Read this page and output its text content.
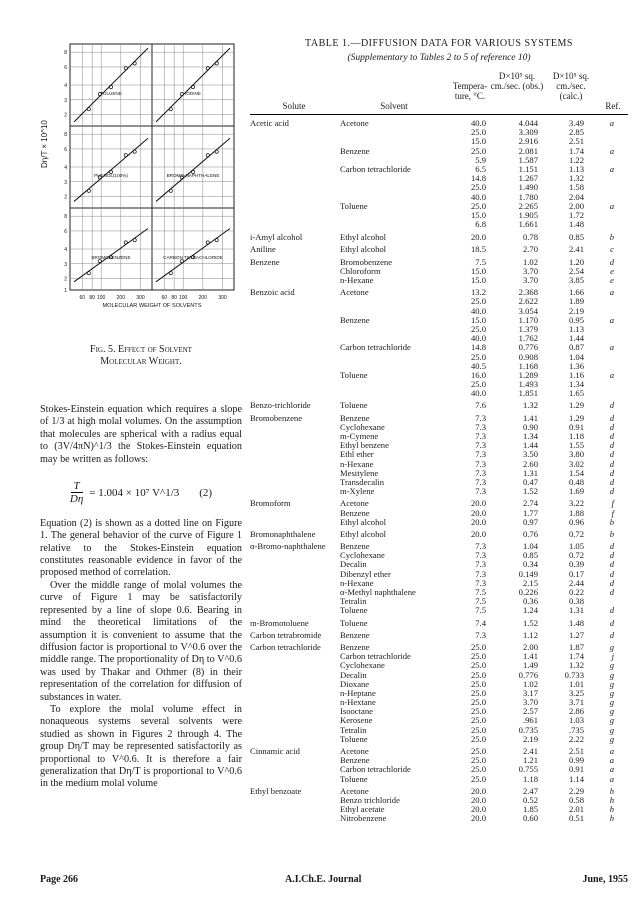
Dη/T × 10^10
TOLUENE	IODINE
PHENOL(100%)	BROMO-NAPHTHALENE
BROMOBENZENE	CARBON TETRACHLORIDE
8
6
4
3
2
8
6
4
3
2
8
6
4
3
2
1
60 80 100 200 300	60 80 100 200 300
MOLECULAR WEIGHT OF SOLVENTS
Fig. 5. Effect of Solvent
Molecular Weight.

Stokes-Einstein equation which requires a slope of 1/3 at high molal volumes. On the assumption that molecules are spherical with a radius equal to (3V/4πN)^1/3 the Stokes-Einstein equation may be written as follows:

$\frac{T}{D\eta} = 1.004 \times 10^7$ V^1/3 (2)

Equation (2) is shown as a dotted line on Figure 1. The general behavior of the curve of Figure 1 relative to the Stokes-Einstein equation constitutes reasonable evidence in favor of the proposed method of correlation.

Over the middle range of molal volumes the curve of Figure 1 may be satisfactorily represented by a line of slope 0.6. Bearing in mind the theoretical limitations of the assumption it is convenient to assume that the diffusion factor is proportional to V^0.6 over the middle range. The proportionality of Dη to V^0.6 was used by Thakar and Othmer (8) in their representation of the correlation for diffusion of substances in water.

To explore the molal volume effect in nonaqueous systems several solvents were studied as shown in Figures 2 through 4. The group Dη/T may be represented satisfactorily as proportional to V^0.6. It is therefore a fair generalization that Dη/T is proportional to V^0.6 in the medium molal volume

TABLE 1.—DIFFUSION DATA FOR VARIOUS SYSTEMS
(Supplementary to Tables 2 to 5 of reference 10)
Solute	Solvent
Tempera-ture, °C.
D×10⁵ sq. cm./sec. (obs.)
D×10⁵ sq. cm./sec. (calc.)
Ref.
Acetic acid	Acetone	40.0	4.044	3.49	a
25.0	3.309	2.85
15.0	2.916	2.51
Benzene	25.0	2.081	1.74	a
5.9	1.587	1.22
Carbon tetrachloride	6.5	1.151	1.13	a
14.8	1.267	1.32
25.0	1.490	1.58
40.0	1.780	2.04
Toluene	25.0	2.265	2.00	a
15.0	1.905	1.72
6.8	1.661	1.48
i-Amyl alcohol	Ethyl alcohol	20.0	0.78	0.85	b
Aniline	Ethyl alcohol	18.5	2.70	2.41	c
Benzene	Bromobenzene	7.5	1.02	1.20	d
Chloroform	15.0	3.70	2.54	e
n-Hexane	15.0	3.70	3.85	e
Benzoic acid	Acetone	13.2	2.368	1.66	a
25.0	2.622	1.89
40.0	3.054	2.19
Benzene	15.0	1.170	0.95	a
25.0	1.379	1.13
40.0	1.762	1.44
Carbon tetrachloride	14.8	0.776	0.87	a
25.0	0.908	1.04
40.5	1.168	1.36
Toluene	16.0	1.289	1.16	a
25.0	1.493	1.34
40.0	1.851	1.65
Benzo-trichloride	Toluene	7.6	1.32	1.29	d
Bromobenzene	Benzene	7.3	1.41	1.29	d
Cyclohexane	7.3	0.90	0.91	d
m-Cymene	7.3	1.34	1.18	d
Ethyl benzene	7.3	1.44	1.55	d
Ethl ether	7.3	3.50	3.80	d
n-Hexane	7.3	2.60	3.02	d
Mesitylene	7.3	1.31	1.54	d
Transdecalin	7.3	0.47	0.48	d
m-Xylene	7.3	1.52	1.69	d
Bromoform	Acetone	20.0	2.74	3.22	f
Benzene	20.0	1.77	1.88	f
Ethyl alcohol	20.0	0.97	0.96	b
Bromonaphthalene	Ethyl alcohol	20.0	0.76	0.72	b
α-Bromo-naphthalene	Benzene	7.3	1.04	1.05	d
Cyclohexane	7.3	0.85	0.72	d
Decalin	7.3	0.34	0.39	d
Dibenzyl ether	7.3	0.149	0.17	d
n-Hexane	7.3	2.15	2.44	d
α-Methyl naphthalene	7.5	0.226	0.22	d
Tetralin	7.5	0.36	0.38
Toluene	7.5	1.24	1.31	d
m-Bromotoluene	Toluene	7.4	1.52	1.48	d
Carbon tetrabromide	Benzene	7.3	1.12	1.27	d
Carbon tetrachloride	Benzene	25.0	2.00	1.87	g
Carbon tetrachloride	25.0	1.41	1.74	j
Cyclohexane	25.0	1.49	1.32	g
Decalin	25.0	0.776	0.733	g
Dioxane	25.0	1.02	1.01	g
n-Heptane	25.0	3.17	3.25	g
n-Hextane	25.0	3.70	3.71	g
Isooctane	25.0	2.57	2.86	g
Kerosene	25.0	.961	1.03	g
Tetralin	25.0	0.735	.735	g
Toluene	25.0	2.19	2.22	g
Cinnamic acid	Acetone	25.0	2.41	2.51	a
Benzene	25.0	1.21	0.99	a
Carbon tetrachloride	25.0	0.755	0.91	a
Toluene	25.0	1.18	1.14	a
Ethyl benzoate	Acetone	20.0	2.47	2.29	h
Benzo trichloride	20.0	0.52	0.58	h
Ethyl acetate	20.0	1.85	2.01	h
Nitrobenzene	20.0	0.60	0.51	h
Page 266	A.I.Ch.E. Journal	June, 1955
